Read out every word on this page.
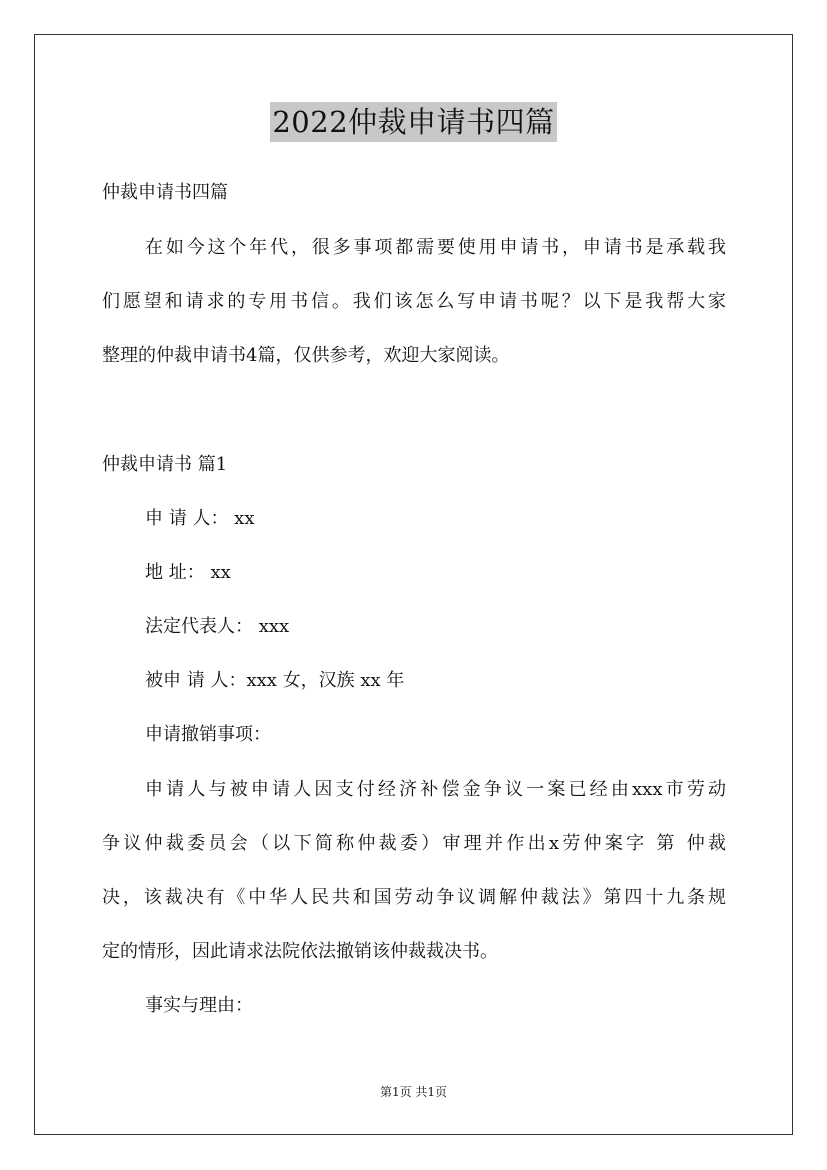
2022仲裁申请书四篇

仲裁申请书四篇

在如今这个年代，很多事项都需要使用申请书，申请书是承载我

们愿望和请求的专用书信。我们该怎么写申请书呢？以下是我帮大家

整理的仲裁申请书4篇，仅供参考，欢迎大家阅读。

仲裁申请书 篇1

申 请 人： xx

地 址： xx

法定代表人： xxx

被申 请 人：xxx 女，汉族 xx 年

申请撤销事项：

申请人与被申请人因支付经济补偿金争议一案已经由xxx市劳动

争议仲裁委员会（以下简称仲裁委）审理并作出x劳仲案字 第 仲裁

决，该裁决有《中华人民共和国劳动争议调解仲裁法》第四十九条规

定的情形，因此请求法院依法撤销该仲裁裁决书。

事实与理由：

第1页 共1页
